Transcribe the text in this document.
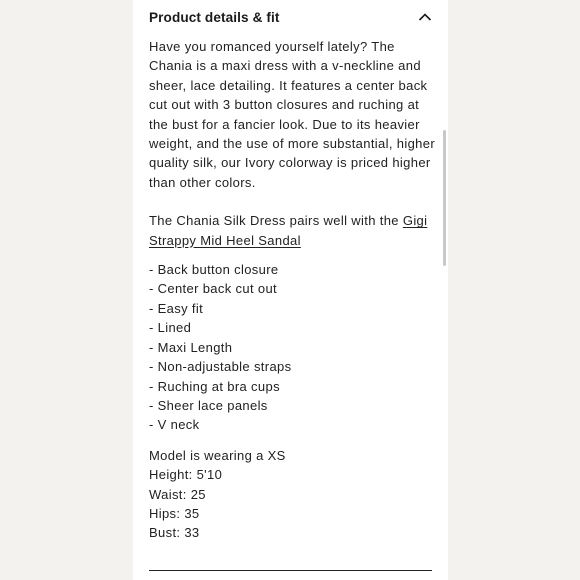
Product details & fit

Have you romanced yourself lately? The Chania is a maxi dress with a v-neckline and sheer, lace detailing. It features a center back cut out with 3 button closures and ruching at the bust for a fancier look. Due to its heavier weight, and the use of more substantial, higher quality silk, our Ivory colorway is priced higher than other colors.

The Chania Silk Dress pairs well with the Gigi Strappy Mid Heel Sandal

- Back button closure

- Center back cut out

- Easy fit

- Lined

- Maxi Length

- Non-adjustable straps

- Ruching at bra cups

- Sheer lace panels

- V neck

Model is wearing a XS

Height: 5'10

Waist: 25

Hips: 35

Bust: 33
